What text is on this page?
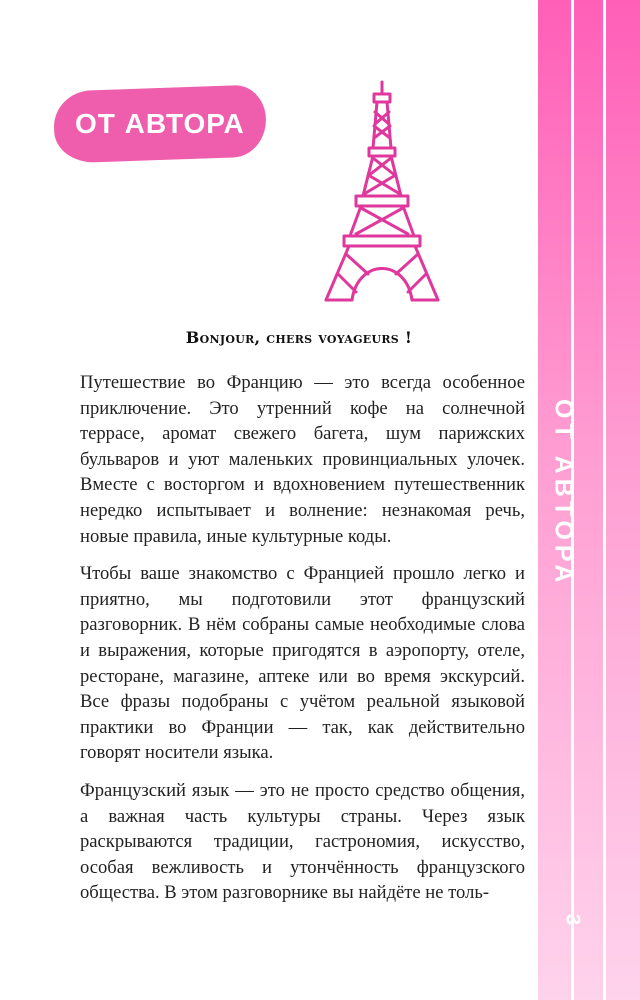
ОТ АВТОРА
3
ОТ АВТОРА
Bonjour, chers voyageurs !

Путешествие во Францию — это всегда особенное приключение. Это утренний кофе на солнечной террасе, аромат свежего багета, шум парижских бульваров и уют маленьких провинциальных улочек. Вместе с восторгом и вдохновением путешественник нередко испытывает и волнение: незнакомая речь, новые правила, иные культурные коды.

Чтобы ваше знакомство с Францией прошло легко и приятно, мы подготовили этот французский разговорник. В нём собраны самые необходимые слова и выражения, которые пригодятся в аэропорту, отеле, ресторане, магазине, аптеке или во время экскурсий. Все фразы подобраны с учётом реальной языковой практики во Франции — так, как действительно говорят носители языка.

Французский язык — это не просто средство общения, а важная часть культуры страны. Через язык раскрываются традиции, гастрономия, искусство, особая вежливость и утончённость французского общества. В этом разговорнике вы найдёте не толь-
